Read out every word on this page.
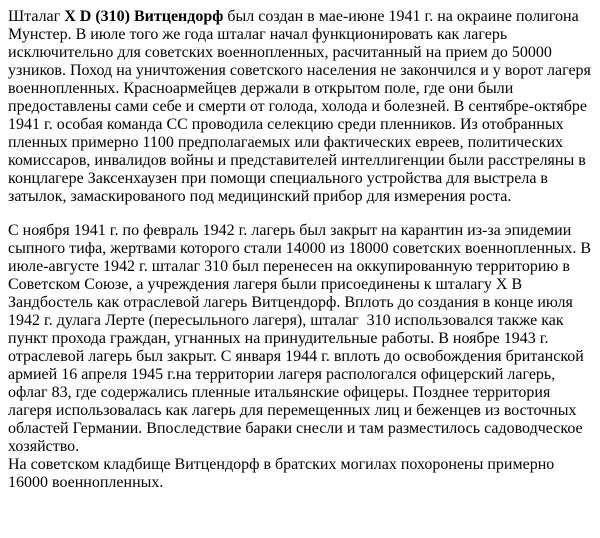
Шталаг X D (310) Витцендорф был создан в мае-июне 1941 г. на окраине полигона Мунстер. В июле того же года шталаг начал функционировать как лагерь  исключительно для советских военнопленных, расчитанный на прием до 50000 узников. Поход на уничтожения советского населения не закончился и у ворот лагеря военнопленных. Красноармейцев держали в открытом поле, где они были предоставлены сами себе и смерти от голода, холода и болезней. В сентябре-октябре 1941 г. особая команда СС проводила селекцию среди пленников. Из отобранных пленных примерно 1100 предполагаемых или фактических евреев, политических комиссаров, инвалидов войны и представителей интеллигенции были расстреляны в концлагере Заксенхаузен при помощи специального устройства для выстрела в затылок, замаскированого под медицинский прибор для измерения роста.

С ноября 1941 г. по февраль 1942 г. лагерь был закрыт на карантин из-за эпидемии сыпного тифа, жертвами которого стали 14000 из 18000 советских военнопленных. В июле-августе 1942 г. шталаг 310 был перенесен на оккупированную территорию в Советском Союзе, а учреждения лагеря были присоединены к шталагу X B Зандбостель как отраслевой лагерь Витцендорф. Вплоть до создания в конце июля 1942 г. дулага Лерте (пересыльного лагеря), шталаг  310 использовался также как пункт прохода граждан, угнанных на принудительные работы. В ноябре 1943 г. отраслевой лагерь был закрыт. С января 1944 г. вплоть до освобождения британской армией 16 апреля 1945 г.на территории лагеря распологался офицерский лагерь, офлаг 83, где содержались пленные итальянские офицеры. Позднее территория лагеря использовалась как лагерь для перемещенных лиц и беженцев из восточных областей Германии. Впоследствие бараки снесли и там разместилось садоводческое хозяйство.
На советском кладбище Витцендорф в братских могилах похоронены примерно 16000 военнопленных.
